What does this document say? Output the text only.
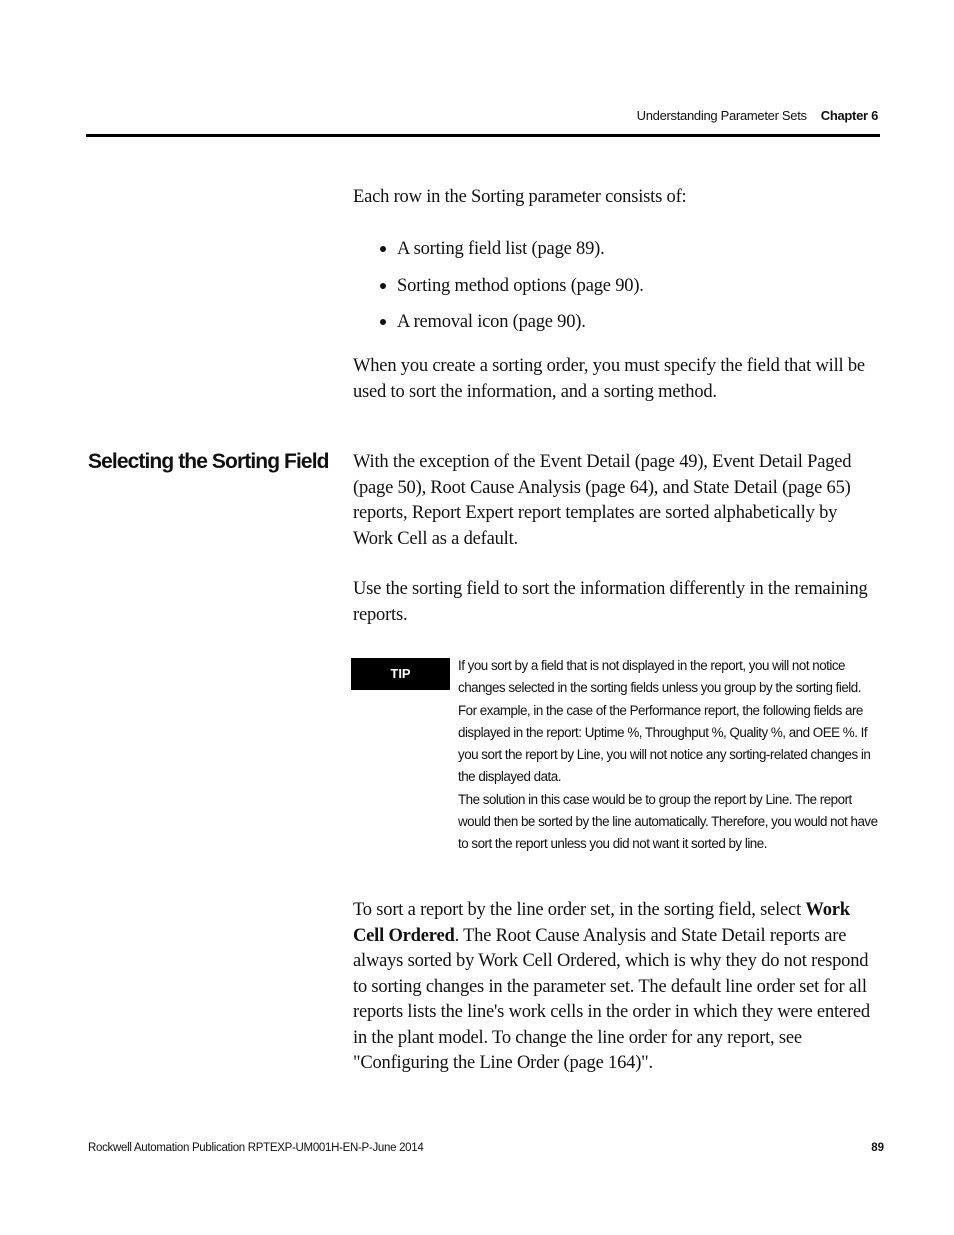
Understanding Parameter Sets Chapter 6

Each row in the Sorting parameter consists of:

A sorting field list (page 89).
Sorting method options (page 90).
A removal icon (page 90).

When you create a sorting order, you must specify the field that will be used to sort the information, and a sorting method.

Selecting the Sorting Field With the exception of the Event Detail (page 49), Event Detail Paged (page 50), Root Cause Analysis (page 64), and State Detail (page 65) reports, Report Expert report templates are sorted alphabetically by Work Cell as a default.

Use the sorting field to sort the information differently in the remaining reports.

TIP

If you sort by a field that is not displayed in the report, you will not notice changes selected in the sorting fields unless you group by the sorting field.

For example, in the case of the Performance report, the following fields are displayed in the report: Uptime %, Throughput %, Quality %, and OEE %. If you sort the report by Line, you will not notice any sorting-related changes in the displayed data.

The solution in this case would be to group the report by Line. The report would then be sorted by the line automatically. Therefore, you would not have to sort the report unless you did not want it sorted by line.

To sort a report by the line order set, in the sorting field, select Work Cell Ordered. The Root Cause Analysis and State Detail reports are always sorted by Work Cell Ordered, which is why they do not respond to sorting changes in the parameter set. The default line order set for all reports lists the line's work cells in the order in which they were entered in the plant model. To change the line order for any report, see "Configuring the Line Order (page 164)".

Rockwell Automation Publication RPTEXP-UM001H-EN-P-June 2014	89
